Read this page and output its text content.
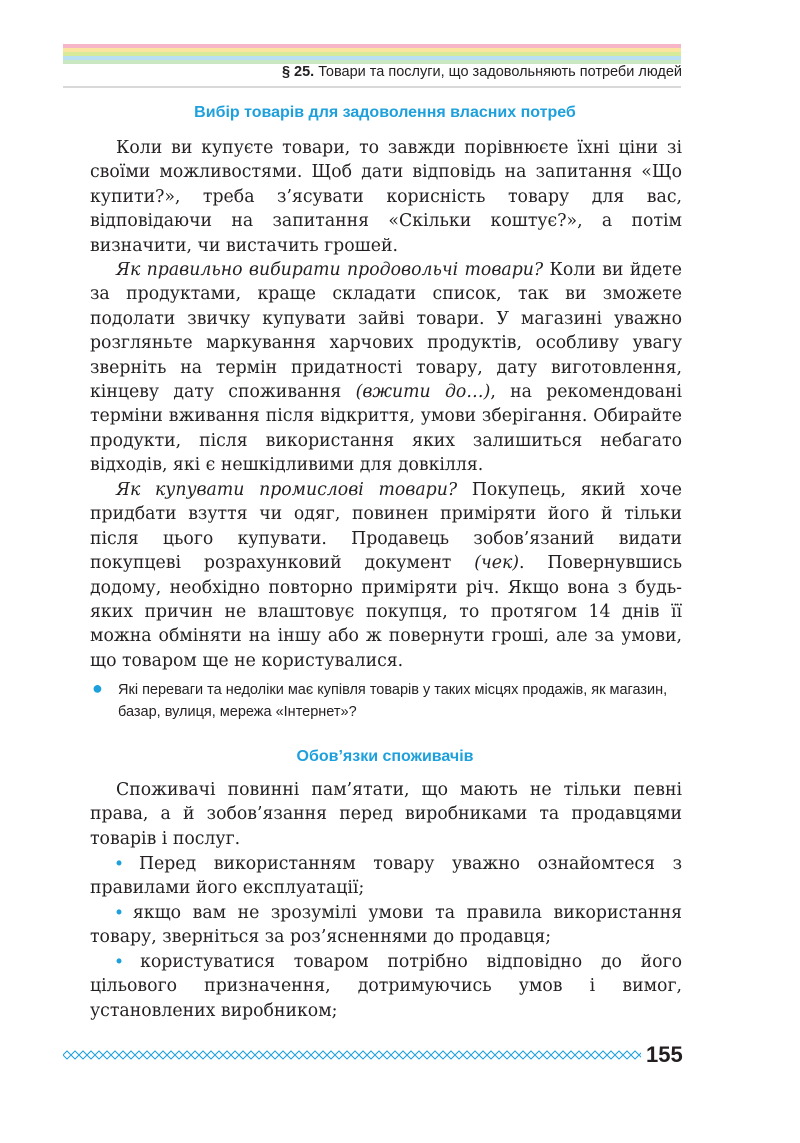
§ 25. Товари та послуги, що задовольняють потреби людей
Вибір товарів для задоволення власних потреб

Коли ви купуєте товари, то завжди порівнюєте їхні ціни зі своїми можливостями. Щоб дати відповідь на запитання «Що купити?», треба з’ясувати корисність товару для вас, відповідаючи на запитання «Скільки коштує?», а потім визначити, чи вистачить грошей.

Як правильно вибирати продовольчі товари? Коли ви йдете за продуктами, краще складати список, так ви зможете подолати звичку купувати зайві товари. У магазині уважно розгляньте маркування харчових продуктів, особливу увагу зверніть на термін придатності товару, дату виготовлення, кінцеву дату споживання (вжити до…), на рекомендовані терміни вживання після відкриття, умови зберігання. Обирайте продукти, після використання яких залишиться небагато відходів, які є нешкідливими для довкілля.

Як купувати промислові товари? Покупець, який хоче придбати взуття чи одяг, повинен приміряти його й тільки після цього купувати. Продавець зобов’язаний видати покупцеві розрахунковий документ (чек). Повернувшись додому, необхідно повторно приміряти річ. Якщо вона з будь-яких причин не влаштовує покупця, то протягом 14 днів її можна обміняти на іншу або ж повернути гроші, але за умови, що товаром ще не користувалися.

●	Які переваги та недоліки має купівля товарів у таких місцях продажів, як магазин, базар, вулиця, мережа «Інтернет»?

Обов’язки споживачів

Споживачі повинні пам’ятати, що мають не тільки певні права, а й зобов’язання перед виробниками та продавцями товарів і послуг.

• Перед використанням товару уважно ознайомтеся з правилами його експлуатації;

• якщо вам не зрозумілі умови та правила використання товару, зверніться за роз’ясненнями до продавця;

• користуватися товаром потрібно відповідно до його цільового призначення, дотримуючись умов і вимог, установлених виробником;

155
